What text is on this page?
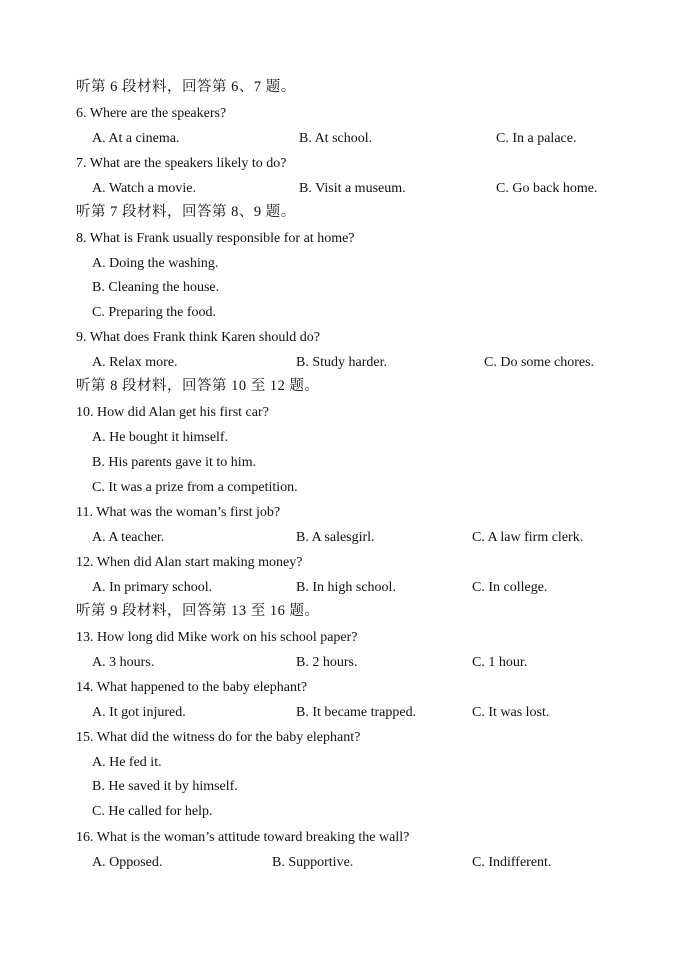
听第 6 段材料，回答第 6、7 题。
6. Where are the speakers?
A. At a cinema.	B. At school.	C. In a palace.
7. What are the speakers likely to do?
A. Watch a movie.	B. Visit a museum.	C. Go back home.
听第 7 段材料，回答第 8、9 题。
8. What is Frank usually responsible for at home?
A. Doing the washing.
B. Cleaning the house.
C. Preparing the food.
9. What does Frank think Karen should do?
A. Relax more.	B. Study harder.	C. Do some chores.
听第 8 段材料，回答第 10 至 12 题。
10. How did Alan get his first car?
A. He bought it himself.
B. His parents gave it to him.
C. It was a prize from a competition.
11. What was the woman’s first job?
A. A teacher.	B. A salesgirl.	C. A law firm clerk.
12. When did Alan start making money?
A. In primary school.	B. In high school.	C. In college.
听第 9 段材料，回答第 13 至 16 题。
13. How long did Mike work on his school paper?
A. 3 hours.	B. 2 hours.	C. 1 hour.
14. What happened to the baby elephant?
A. It got injured.	B. It became trapped.	C. It was lost.
15. What did the witness do for the baby elephant?
A. He fed it.
B. He saved it by himself.
C. He called for help.
16. What is the woman’s attitude toward breaking the wall?
A. Opposed.	B. Supportive.	C. Indifferent.
